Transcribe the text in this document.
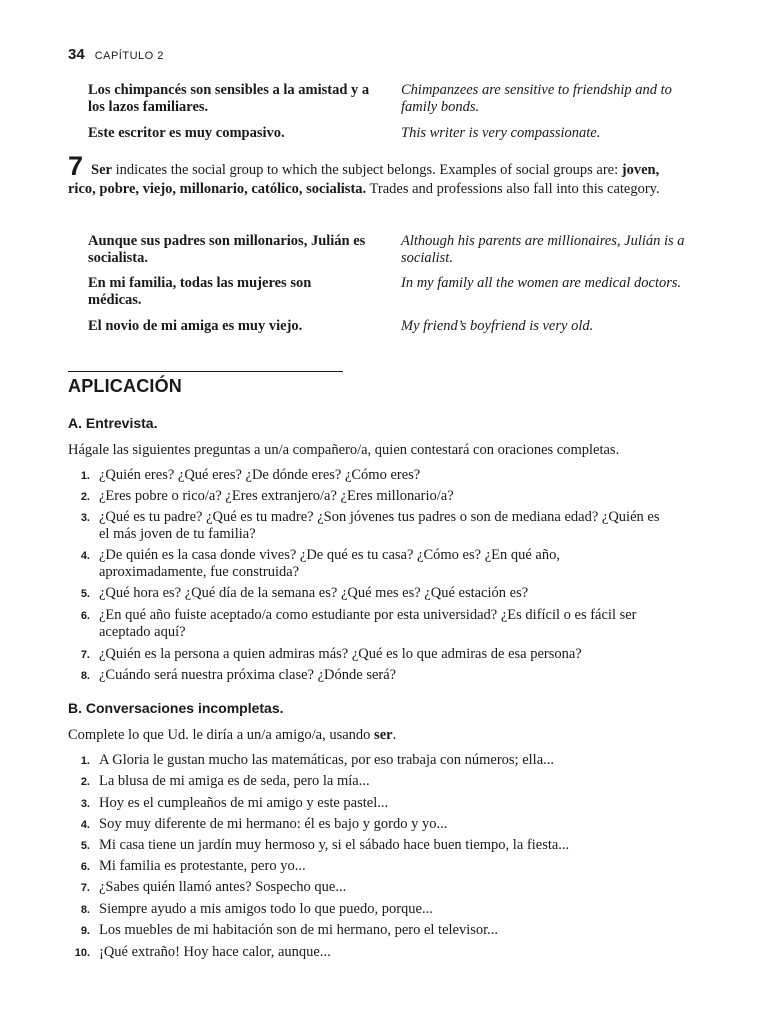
34 CAPÍTULO 2
Los chimpancés son sensibles a la amistad y a los lazos familiares.
Chimpanzees are sensitive to friendship and to family bonds.
Este escritor es muy compasivo.	This writer is very compassionate.
7 Ser indicates the social group to which the subject belongs. Examples of social groups are: joven, rico, pobre, viejo, millonario, católico, socialista. Trades and professions also fall into this category.
Aunque sus padres son millonarios, Julián es socialista.
Although his parents are millionaires, Julián is a socialist.
En mi familia, todas las mujeres son médicas.
In my family all the women are medical doctors.
El novio de mi amiga es muy viejo.	My friend’s boyfriend is very old.
APLICACIÓN
A. Entrevista.
Hágale las siguientes preguntas a un/a compañero/a, quien contestará con oraciones completas.
1. ¿Quién eres? ¿Qué eres? ¿De dónde eres? ¿Cómo eres?
2. ¿Eres pobre o rico/a? ¿Eres extranjero/a? ¿Eres millonario/a?
3. ¿Qué es tu padre? ¿Qué es tu madre? ¿Son jóvenes tus padres o son de mediana edad? ¿Quién es el más joven de tu familia?
4. ¿De quién es la casa donde vives? ¿De qué es tu casa? ¿Cómo es? ¿En qué año, aproximadamente, fue construida?
5. ¿Qué hora es? ¿Qué día de la semana es? ¿Qué mes es? ¿Qué estación es?
6. ¿En qué año fuiste aceptado/a como estudiante por esta universidad? ¿Es difícil o es fácil ser aceptado aquí?
7. ¿Quién es la persona a quien admiras más? ¿Qué es lo que admiras de esa persona?
8. ¿Cuándo será nuestra próxima clase? ¿Dónde será?
B. Conversaciones incompletas.
Complete lo que Ud. le diría a un/a amigo/a, usando ser.
1. A Gloria le gustan mucho las matemáticas, por eso trabaja con números; ella...
2. La blusa de mi amiga es de seda, pero la mía...
3. Hoy es el cumpleaños de mi amigo y este pastel...
4. Soy muy diferente de mi hermano: él es bajo y gordo y yo...
5. Mi casa tiene un jardín muy hermoso y, si el sábado hace buen tiempo, la fiesta...
6. Mi familia es protestante, pero yo...
7. ¿Sabes quién llamó antes? Sospecho que...
8. Siempre ayudo a mis amigos todo lo que puedo, porque...
9. Los muebles de mi habitación son de mi hermano, pero el televisor...
10. ¡Qué extraño! Hoy hace calor, aunque...
